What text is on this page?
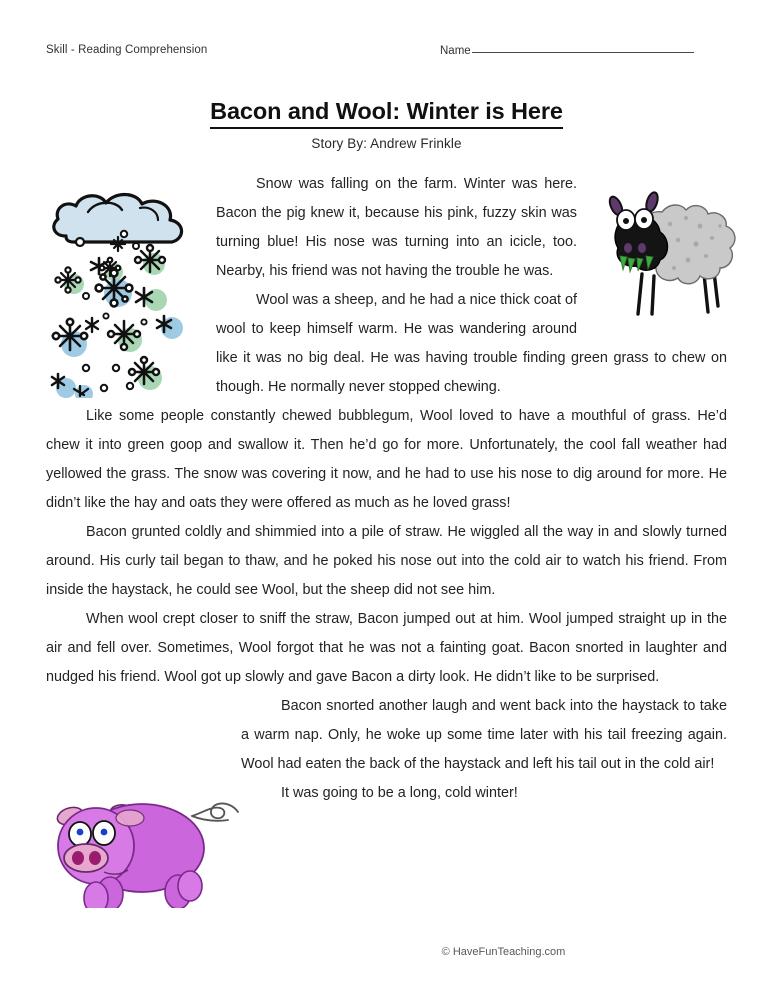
Skill - Reading Comprehension	Name
Bacon and Wool: Winter is Here
Story By: Andrew Frinkle

Snow was falling on the farm. Winter was here. Bacon the pig knew it, because his pink, fuzzy skin was turning blue! His nose was turning into an icicle, too. Nearby, his friend was not having the trouble he was.

Wool was a sheep, and he had a nice thick coat of wool to keep himself warm. He was wandering around like it was no big deal. He was having trouble finding green grass to chew on though. He normally never stopped chewing.

Like some people constantly chewed bubblegum, Wool loved to have a mouthful of grass. He’d chew it into green goop and swallow it. Then he’d go for more. Unfortunately, the cool fall weather had yellowed the grass. The snow was covering it now, and he had to use his nose to dig around for more. He didn’t like the hay and oats they were offered as much as he loved grass!

Bacon grunted coldly and shimmied into a pile of straw. He wiggled all the way in and slowly turned around. His curly tail began to thaw, and he poked his nose out into the cold air to watch his friend. From inside the haystack, he could see Wool, but the sheep did not see him.

When wool crept closer to sniff the straw, Bacon jumped out at him. Wool jumped straight up in the air and fell over. Sometimes, Wool forgot that he was not a fainting goat. Bacon snorted in laughter and nudged his friend. Wool got up slowly and gave Bacon a dirty look. He didn’t like to be surprised.

Bacon snorted another laugh and went back into the haystack to take a warm nap. Only, he woke up some time later with his tail freezing again. Wool had eaten the back of the haystack and left his tail out in the cold air!

It was going to be a long, cold winter!

© HaveFunTeaching.com
